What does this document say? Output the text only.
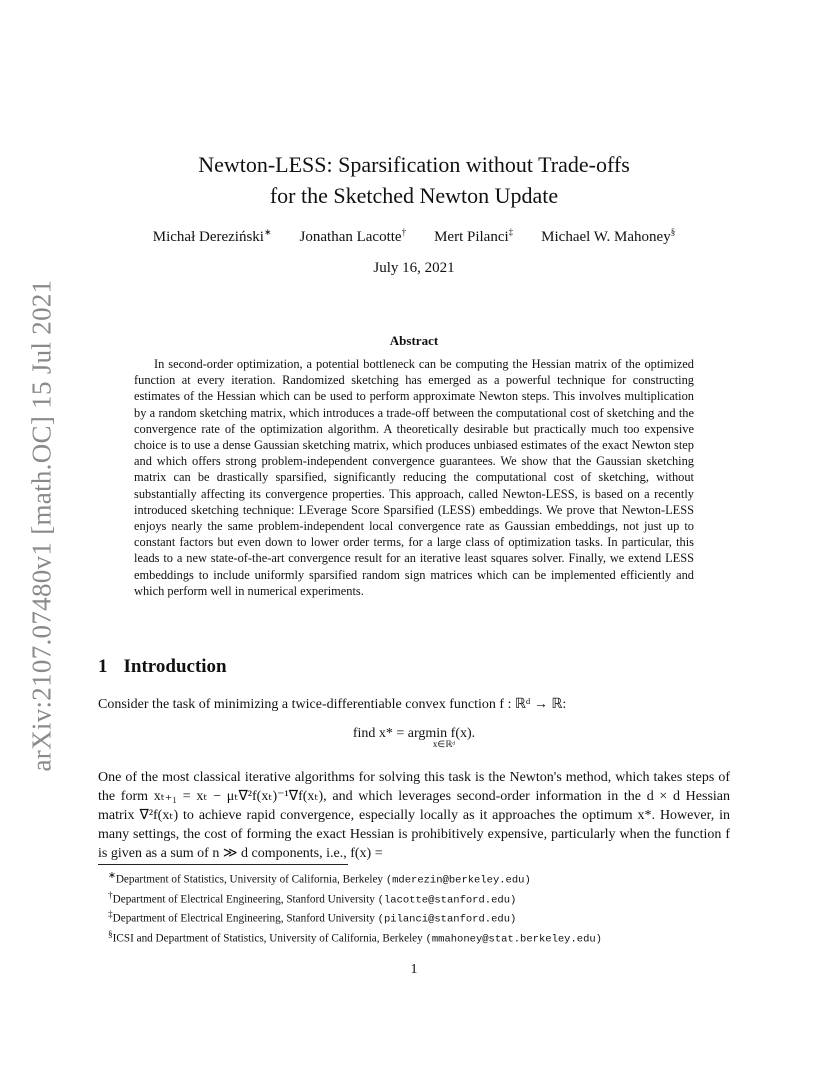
arXiv:2107.07480v1 [math.OC] 15 Jul 2021
Newton-LESS: Sparsification without Trade-offs
for the Sketched Newton Update
Michał Dereziński∗ Jonathan Lacotte† Mert Pilanci‡ Michael W. Mahoney§
July 16, 2021
Abstract

In second-order optimization, a potential bottleneck can be computing the Hessian matrix of the optimized function at every iteration. Randomized sketching has emerged as a powerful technique for constructing estimates of the Hessian which can be used to perform approximate Newton steps. This involves multiplication by a random sketching matrix, which introduces a trade-off between the computational cost of sketching and the convergence rate of the optimization algorithm. A theoretically desirable but practically much too expensive choice is to use a dense Gaussian sketching matrix, which produces unbiased estimates of the exact Newton step and which offers strong problem-independent convergence guarantees. We show that the Gaussian sketching matrix can be drastically sparsified, significantly reducing the computational cost of sketching, without substantially affecting its convergence properties. This approach, called Newton-LESS, is based on a recently introduced sketching technique: LEverage Score Sparsified (LESS) embeddings. We prove that Newton-LESS enjoys nearly the same problem-independent local convergence rate as Gaussian embeddings, not just up to constant factors but even down to lower order terms, for a large class of optimization tasks. In particular, this leads to a new state-of-the-art convergence result for an iterative least squares solver. Finally, we extend LESS embeddings to include uniformly sparsified random sign matrices which can be implemented efficiently and which perform well in numerical experiments.

1 Introduction

Consider the task of minimizing a twice-differentiable convex function f : ℝᵈ → ℝ:

find x* = argmin f(x).
x∈ℝᵈ

One of the most classical iterative algorithms for solving this task is the Newton's method, which takes steps of the form xₜ₊₁ = xₜ − μₜ∇²f(xₜ)⁻¹∇f(xₜ), and which leverages second-order information in the d × d Hessian matrix ∇²f(xₜ) to achieve rapid convergence, especially locally as it approaches the optimum x*. However, in many settings, the cost of forming the exact Hessian is prohibitively expensive, particularly when the function f is given as a sum of n ≫ d components, i.e., f(x) =

∗Department of Statistics, University of California, Berkeley (mderezin@berkeley.edu)
†Department of Electrical Engineering, Stanford University (lacotte@stanford.edu)
‡Department of Electrical Engineering, Stanford University (pilanci@stanford.edu)
§ICSI and Department of Statistics, University of California, Berkeley (mmahoney@stat.berkeley.edu)
1
